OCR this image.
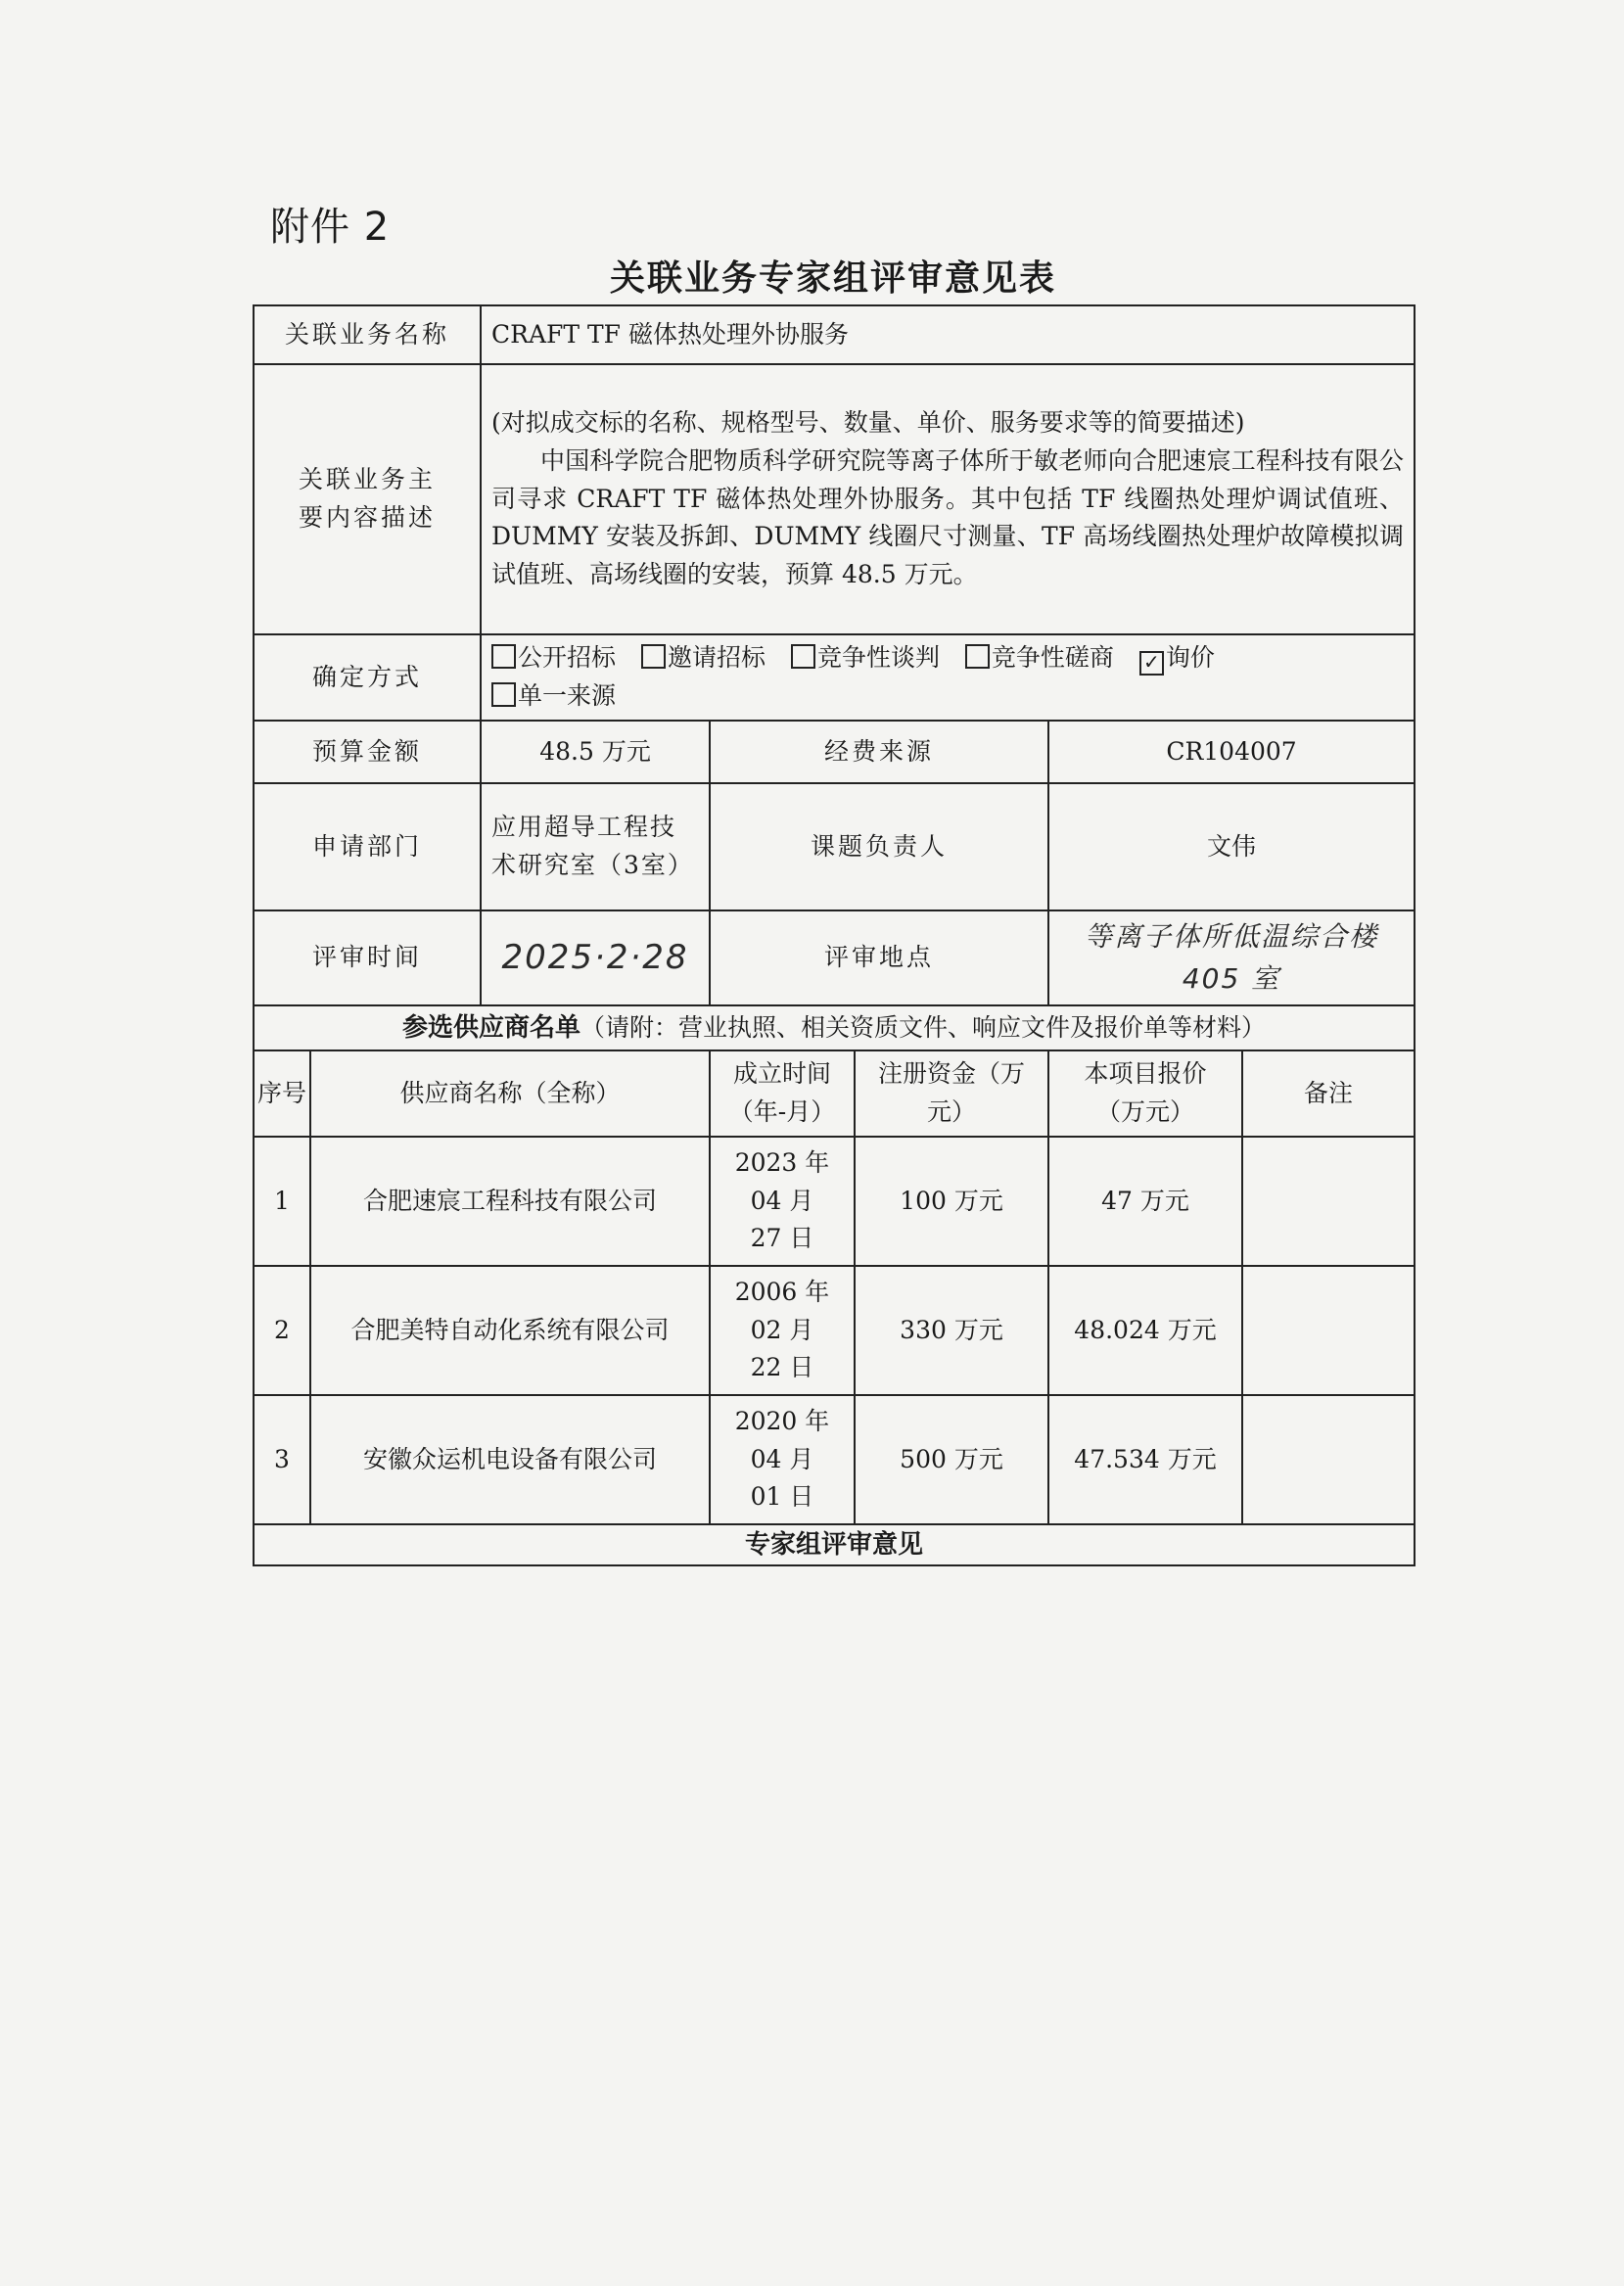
附件 2
关联业务专家组评审意见表
关联业务名称		CRAFT TF 磁体热处理外协服务				
关联业务主要内容描述		(对拟成交标的名称、规格型号、数量、单价、服务要求等的简要描述)
中国科学院合肥物质科学研究院等离子体所于敏老师向合肥速宸工程科技有限公司寻求 CRAFT TF 磁体热处理外协服务。其中包括 TF 线圈热处理炉调试值班、DUMMY 安装及拆卸、DUMMY 线圈尺寸测量、TF 高场线圈热处理炉故障模拟调试值班、高场线圈的安装，预算 48.5 万元。				

确定方式		公开招标 邀请招标 竞争性谈判 竞争性磋商 ✓ 询价
单一来源				
预算金额		48.5 万元	经费来源		CR104007	
申请部门		应用超导工程技术研究室（3室）	课题负责人		文伟	
评审时间		2025·2·28	评审地点		等离子体所低温综合楼 405 室	
参选供应商名单（请附：营业执照、相关资质文件、响应文件及报价单等材料）						
序号	供应商名称（全称）		成立时间（年-月）	注册资金（万元）	本项目报价（万元）	备注
1	合肥速宸工程科技有限公司		2023 年 04 月 27 日	100 万元	47 万元	
2	合肥美特自动化系统有限公司		2006 年 02 月 22 日	330 万元	48.024 万元	
3	安徽众运机电设备有限公司		2020 年 04 月 01 日	500 万元	47.534 万元	
专家组评审意见						
